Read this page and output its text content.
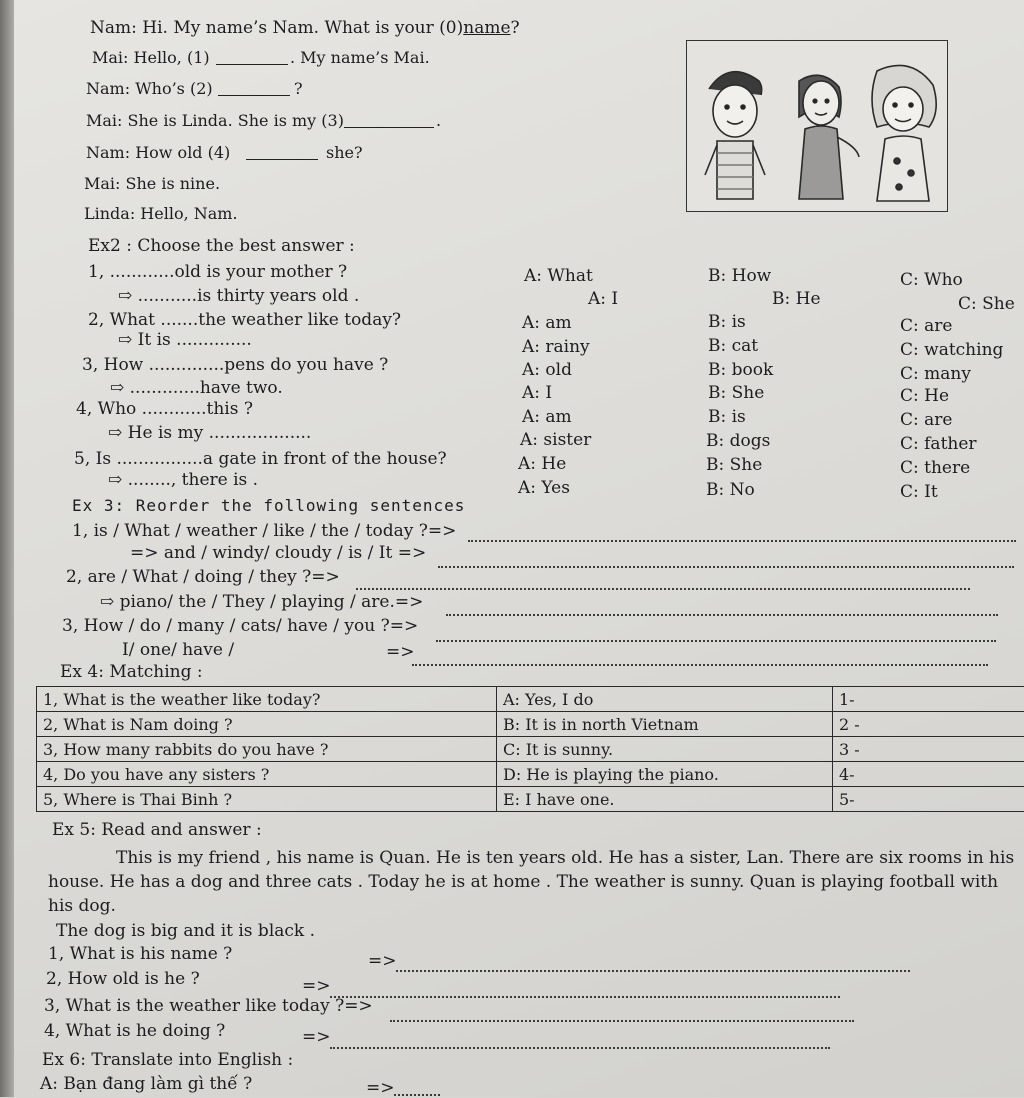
Nam: Hi. My name’s Nam. What is your (0)name?
Mai: Hello, (1)	. My name’s Mai.
Nam: Who’s (2)	?
Mai: She is Linda. She is my (3)	.
Nam: How old (4)	she?
Mai: She is nine.
Linda: Hello, Nam.
Ex2 : Choose the best answer :
1, ............old is your mother ?	A: What	B: How	C: Who
⇨ ...........is thirty years old .	A: I	B: He	C: She
2, What .......the weather like today?	A: am	B: is	C: are
⇨ It is ..............	A: rainy	B: cat	C: watching
3, How ..............pens do you have ?	A: old	B: book	C: many
⇨ .............have two.	A: I	B: She	C: He
4, Who ............this ?	A: am	B: is	C: are
⇨ He is my ...................	A: sister	B: dogs	C: father
5, Is ................a gate in front of the house?	A: He	B: She	C: there
⇨ ........, there is .	A: Yes	B: No	C: It
Ex 3: Reorder the following sentences
1, is / What / weather / like / the / today ?=>
=> and / windy/ cloudy / is / It =>
2, are / What / doing / they ?=>
⇨ piano/ the / They / playing / are.=>
3, How / do / many / cats/ have / you ?=>
I/ one/ have /	=>
Ex 4: Matching :
1, What is the weather like today?	A: Yes, I do	1-
2, What is Nam doing ?	B: It is in north Vietnam	2 -
3, How many rabbits do you have ?	C: It is sunny.	3 -
4, Do you have any sisters ?	D: He is playing the piano.	4-
5, Where is Thai Binh ?	E: I have one.	5-
Ex 5: Read and answer :
This is my friend , his name is Quan. He is ten years old. He has a sister, Lan. There are six rooms in his house. He has a dog and three cats . Today he is at home . The weather is sunny. Quan is playing football with his dog.
The dog is big and it is black .
1, What is his name ?	=>
2, How old is he ?	=>
3, What is the weather like today ?=>
4, What is he doing ?	=>
Ex 6: Translate into English :
A: Bạn đang làm gì thế ?	=>
